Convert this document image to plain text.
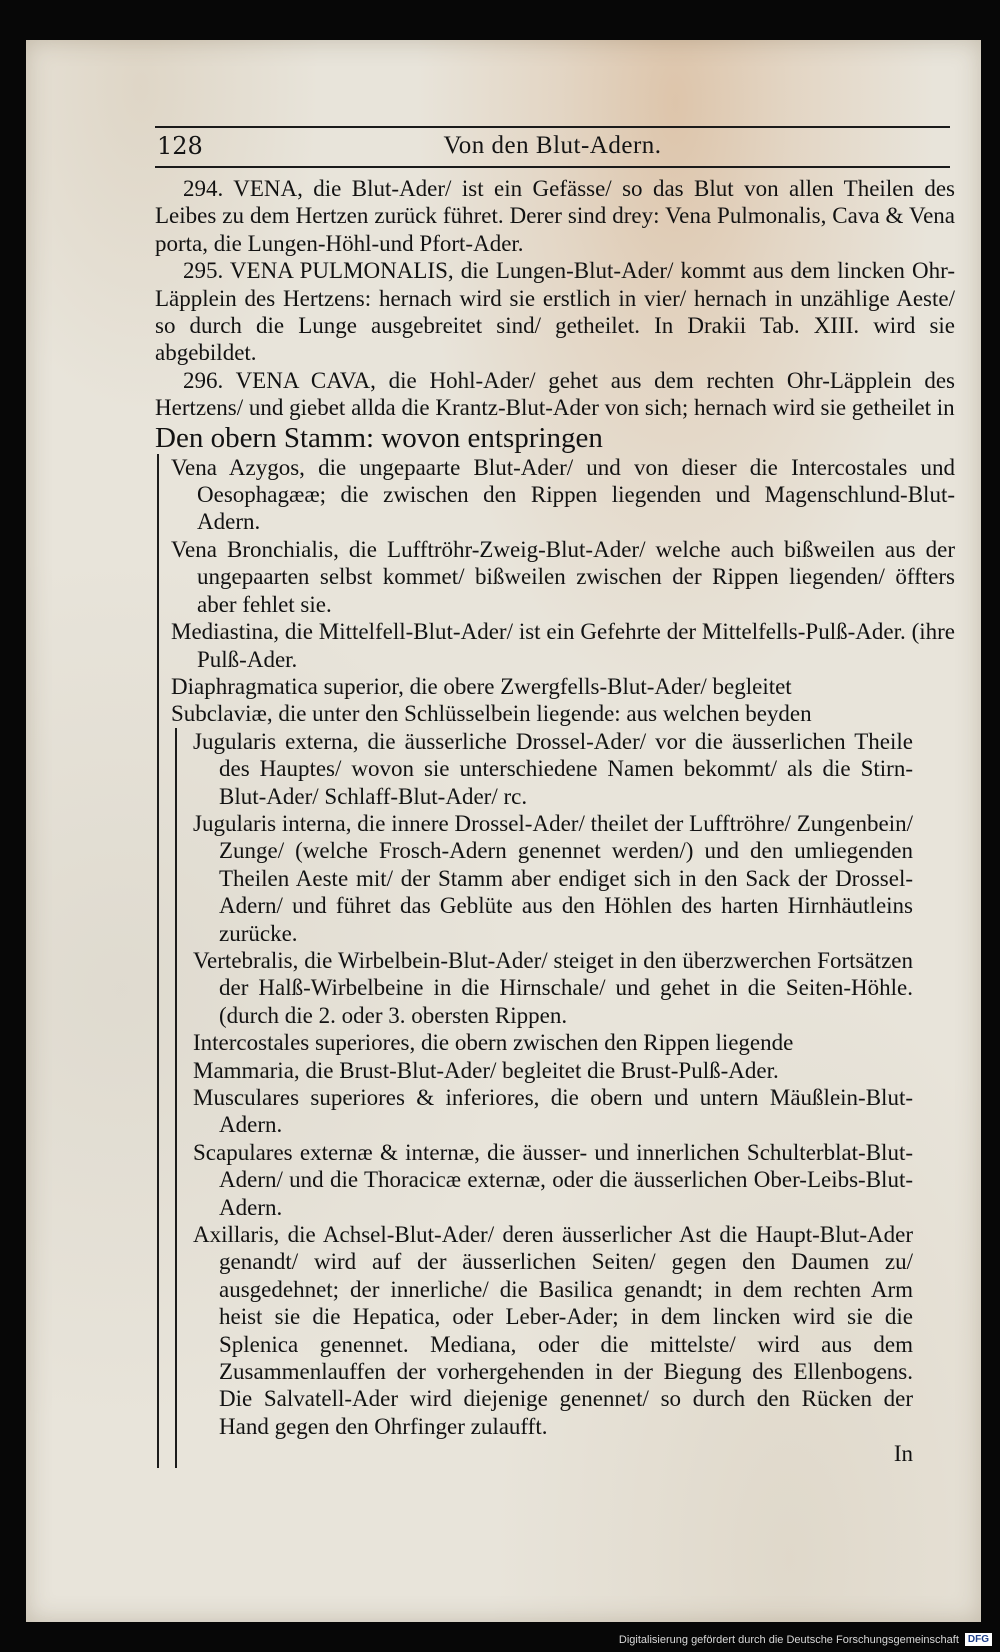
128	Von den Blut-Adern.

294. VENA, die Blut-Ader/ ist ein Gefässe/ so das Blut von allen Theilen des Leibes zu dem Hertzen zurück führet. Derer sind drey: Vena Pulmonalis, Cava & Vena porta, die Lungen-Höhl-und Pfort-Ader.

295. VENA PULMONALIS, die Lungen-Blut-Ader/ kommt aus dem lincken Ohr-Läpplein des Hertzens: hernach wird sie erstlich in vier/ hernach in unzählige Aeste/ so durch die Lunge ausgebreitet sind/ getheilet. In Drakii Tab. XIII. wird sie abgebildet.

296. VENA CAVA, die Hohl-Ader/ gehet aus dem rechten Ohr-Läpplein des Hertzens/ und giebet allda die Krantz-Blut-Ader von sich; hernach wird sie getheilet in

Den obern Stamm: wovon entspringen

Vena Azygos, die ungepaarte Blut-Ader/ und von dieser die Intercostales und Oesophagææ; die zwischen den Rippen liegenden und Magenschlund-Blut-Adern.

Vena Bronchialis, die Lufftröhr-Zweig-Blut-Ader/ welche auch bißweilen aus der ungepaarten selbst kommet/ bißweilen zwischen der Rippen liegenden/ öffters aber fehlet sie.

Mediastina, die Mittelfell-Blut-Ader/ ist ein Gefehrte der Mittelfells-Pulß-Ader. (ihre Pulß-Ader.

Diaphragmatica superior, die obere Zwergfells-Blut-Ader/ begleitet

Subclaviæ, die unter den Schlüsselbein liegende: aus welchen beyden

Jugularis externa, die äusserliche Drossel-Ader/ vor die äusserlichen Theile des Hauptes/ wovon sie unterschiedene Namen bekommt/ als die Stirn-Blut-Ader/ Schlaff-Blut-Ader/ rc.

Jugularis interna, die innere Drossel-Ader/ theilet der Lufftröhre/ Zungenbein/ Zunge/ (welche Frosch-Adern genennet werden/) und den umliegenden Theilen Aeste mit/ der Stamm aber endiget sich in den Sack der Drossel-Adern/ und führet das Geblüte aus den Höhlen des harten Hirnhäutleins zurücke.

Vertebralis, die Wirbelbein-Blut-Ader/ steiget in den überzwerchen Fortsätzen der Halß-Wirbelbeine in die Hirnschale/ und gehet in die Seiten-Höhle. (durch die 2. oder 3. obersten Rippen.

Intercostales superiores, die obern zwischen den Rippen liegende

Mammaria, die Brust-Blut-Ader/ begleitet die Brust-Pulß-Ader.

Musculares superiores & inferiores, die obern und untern Mäußlein-Blut-Adern.

Scapulares externæ & internæ, die äusser- und innerlichen Schulterblat-Blut-Adern/ und die Thoracicæ externæ, oder die äusserlichen Ober-Leibs-Blut-Adern.

Axillaris, die Achsel-Blut-Ader/ deren äusserlicher Ast die Haupt-Blut-Ader genandt/ wird auf der äusserlichen Seiten/ gegen den Daumen zu/ ausgedehnet; der innerliche/ die Basilica genandt; in dem rechten Arm heist sie die Hepatica, oder Leber-Ader; in dem lincken wird sie die Splenica genennet. Mediana, oder die mittelste/ wird aus dem Zusammenlauffen der vorhergehenden in der Biegung des Ellenbogens. Die Salvatell-Ader wird diejenige genennet/ so durch den Rücken der Hand gegen den Ohrfinger zulaufft.

In

Digitalisierung gefördert durch die Deutsche Forschungsgemeinschaft DFG
